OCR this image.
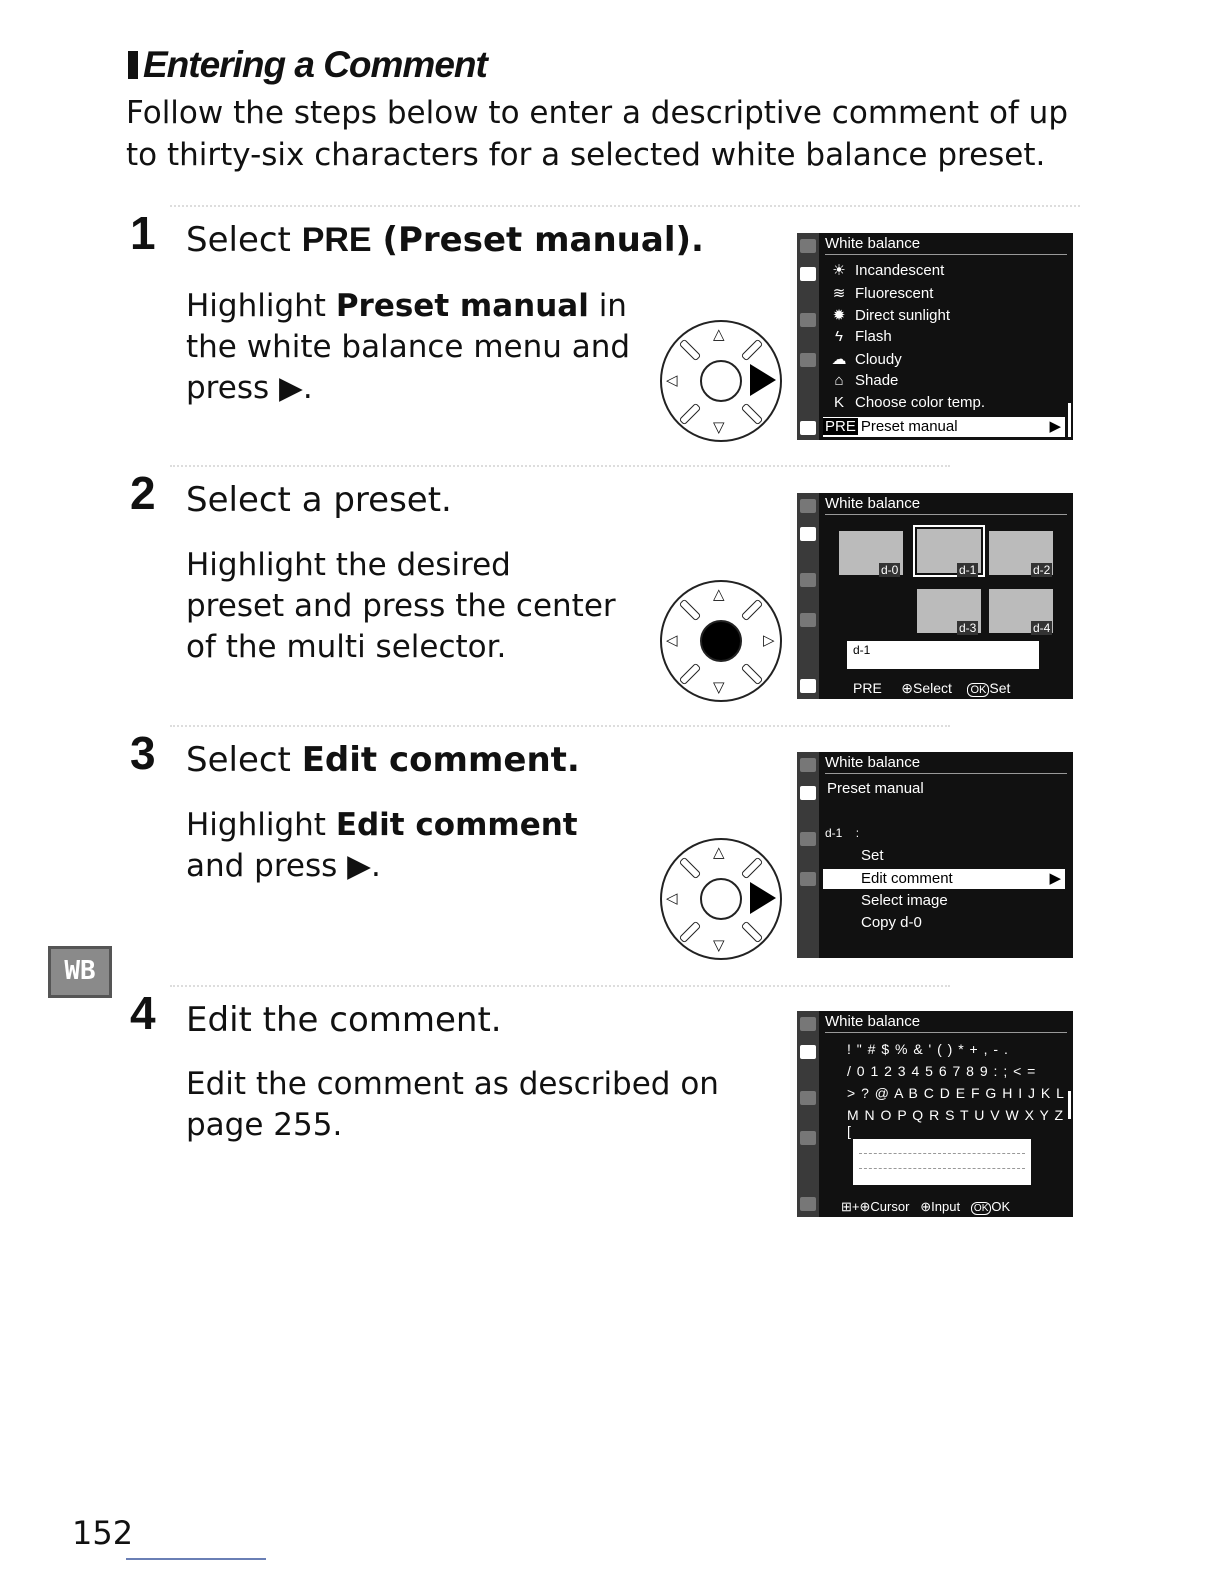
Entering a Comment
Follow the steps below to enter a descriptive comment of up to thirty-six characters for a selected white balance preset.
1 Select PRE (Preset manual).
Highlight Preset manual in the white balance menu and press ▶.
△
▽
◁
White balance
☀ Incandescent
≋ Fluorescent
✹ Direct sunlight
ϟ Flash
☁ Cloudy
⌂ Shade
K Choose color temp.
PRE Preset manual	▶
2 Select a preset.
Highlight the desired preset and press the center of the multi selector.
△
▽
◁	▷
White balance
d-0	d-1	d-2
d-3	d-4
d-1
PRE ⊕Select OK Set
3 Select Edit comment.
Highlight Edit comment and press ▶.	△
▽
◁
White balance
Preset manual
d-1 :
Set
Edit comment	▶
Select image
Copy d-0
WB
4 Edit the comment.
Edit the comment as described on page 255.
White balance
! " # $ % & ' ( ) * + , - .
/ 0 1 2 3 4 5 6 7 8 9 : ; < =
> ? @ A B C D E F G H I J K L
M N O P Q R S T U V W X Y Z [
⊞+⊕Cursor ⊕Input OK OK
152
